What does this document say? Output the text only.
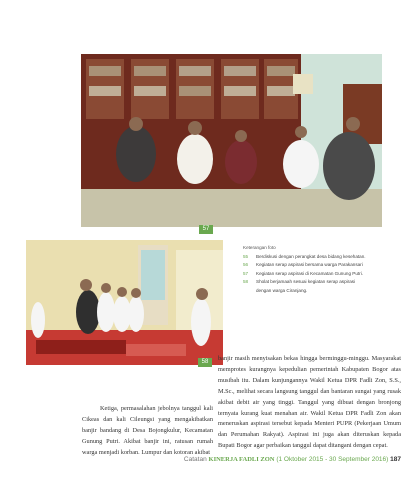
57
58
Keterangan foto
55	Berdiskusi dengan perangkat desa bidang kesehatan.
56	Kegiatan serap aspirasi bersama warga Parakansari
57	Kegiatan serap aspirasi di Kecamatan Gunung Putri.
58	Sholat berjamaah sesuai kegiatan serap aspirasi
dengan warga Ciranjang.
banjir masih menyisakan bekas hingga berminggu-minggu. Masyarakat memprotes kurangnya kepedulian pemerintah Kabupaten Bogor atas musibah itu. Dalam kunjungannya Wakil Ketua DPR Fadli Zon, S.S., M.Sc., melihat secara langsung tanggul dan bantaran sungai yang rusak akibat debit air yang tinggi. Tanggul yang dibuat dengan bronjong ternyata kurang kuat menahan air. Wakil Ketua DPR Fadli Zon akan meneruskan aspirasi tersebut kepada Menteri PUPR (Pekerjaan Umum dan Perumahan Rakyat). Aspirasi ini juga akan diteruskan kepada Bupati Bogor agar perbaikan tanggul dapat ditangani dengan cepat.
Ketiga, permasalahan jebolnya tanggul kali Cikeas dan kali Cileungsi yang mengakibatkan banjir bandang di Desa Bojongkulur, Kecamatan Gunung Putri. Akibat banjir ini, ratusan rumah warga menjadi korban. Lumpur dan kotoran akibat
Catatan KINERJA FADLI ZON (1 Oktober 2015 - 30 September 2016) 187
